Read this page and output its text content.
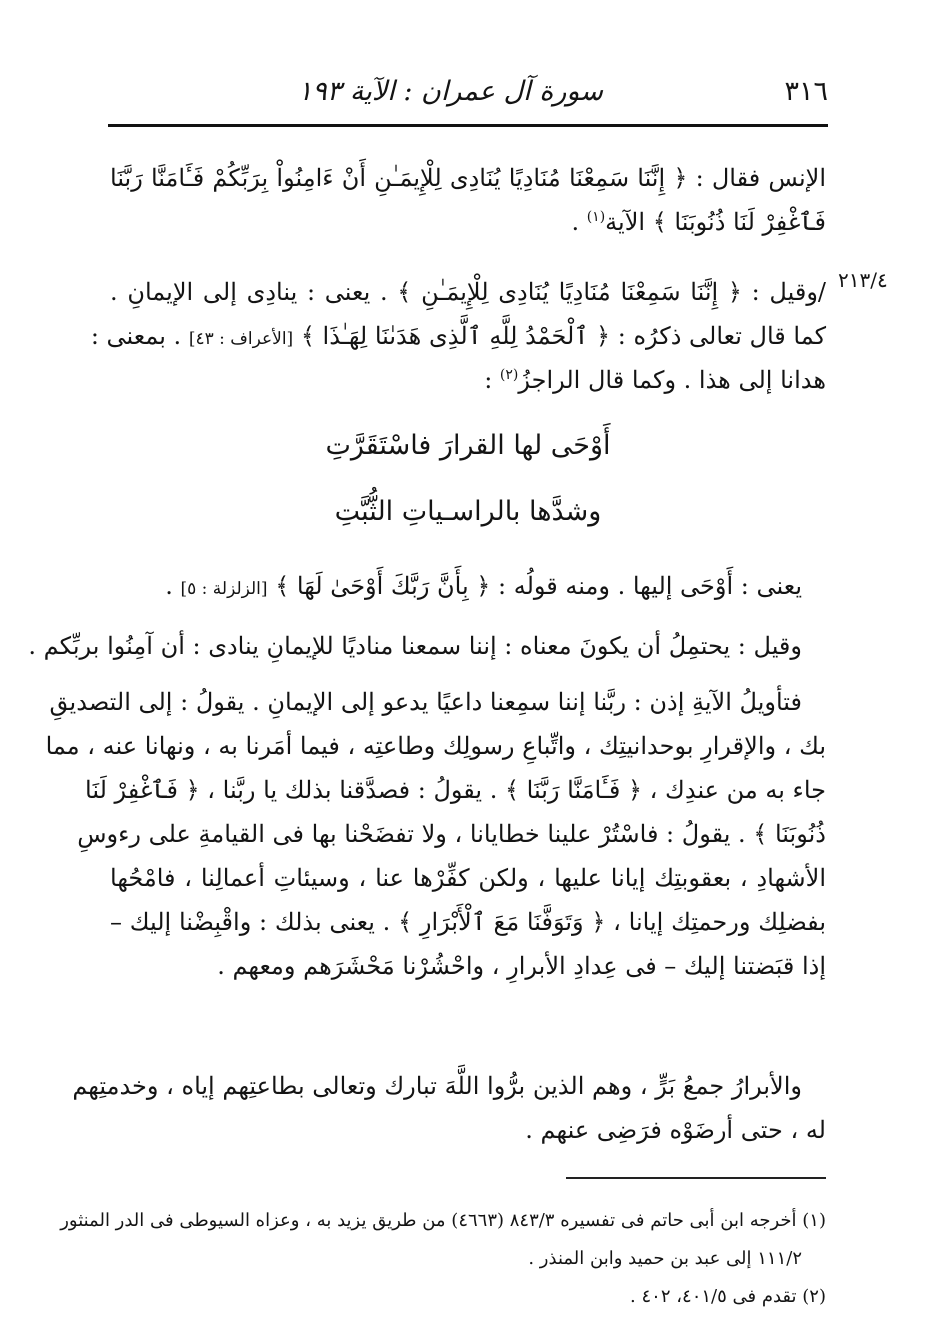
٣١٦
سورة آل عمران : الآية ١٩٣
٢١٣/٤
الإنس فقال : ﴿ إِنَّنَا سَمِعْنَا مُنَادِيًا يُنَادِى لِلْإِيمَـٰنِ أَنْ ءَامِنُواْ بِرَبِّكُمْ فَـَٔامَنَّا رَبَّنَا
فَٱغْفِرْ لَنَا ذُنُوبَنَا ﴾ الآية$^{(١)}$ .
/وقيل : ﴿ إِنَّنَا سَمِعْنَا مُنَادِيًا يُنَادِى لِلْإِيمَـٰنِ ﴾ . يعنى : ينادِى إلى الإيمانِ .
كما قال تعالى ذكرُه : ﴿ ٱلْحَمْدُ لِلَّهِ ٱلَّذِى هَدَىٰنَا لِهَـٰذَا ﴾ [الأعراف : ٤٣] . بمعنى :
هدانا إلى هذا . وكما قال الراجزُ$^{(٢)}$ :
أَوْحَى لها القرارَ فاسْتَقَرَّتِ
وشدَّها بالراسـياتِ الثُّبَّتِ
يعنى : أَوْحَى إليها . ومنه قولُه : ﴿ بِأَنَّ رَبَّكَ أَوْحَىٰ لَهَا ﴾ [الزلزلة : ٥] .
وقيل : يحتمِلُ أن يكونَ معناه : إننا سمعنا مناديًا للإيمانِ ينادى : أن آمِنُوا بربِّكم .
فتأويلُ الآيةِ إذن : ربَّنا إننا سمِعنا داعيًا يدعو إلى الإيمانِ . يقولُ : إلى التصديقِ
بك ، والإقرارِ بوحدانيتِك ، واتِّباعِ رسولِك وطاعتِه ، فيما أمَرنا به ، ونهانا عنه ، مما
جاء به من عندِك ، ﴿ فَـَٔامَنَّا رَبَّنَا ﴾ . يقولُ : فصدَّقنا بذلك يا ربَّنا ، ﴿ فَٱغْفِرْ لَنَا
ذُنُوبَنَا ﴾ . يقولُ : فاسْتُرْ علينا خطايانا ، ولا تفضَحْنا بها فى القيامةِ على رءوسِ
الأشهادِ ، بعقوبتِك إيانا عليها ، ولكن كفِّرْها عنا ، وسيئاتِ أعمالِنا ، فامْحُها
بفضلِك ورحمتِك إيانا ، ﴿ وَتَوَفَّنَا مَعَ ٱلْأَبْرَارِ ﴾ . يعنى بذلك : واقْبِضْنا إليك –
إذا قبَضتنا إليك – فى عِدادِ الأبرارِ ، واحْشُرْنا مَحْشَرَهم ومعهم .
والأبرارُ جمعُ بَرٍّ ، وهم الذين برُّوا اللَّهَ تبارك وتعالى بطاعتِهم إياه ، وخدمتِهم
له ، حتى أرضَوْه فرَضِى عنهم .
(١) أخرجه ابن أبى حاتم فى تفسيره ٨٤٣/٣ (٤٦٦٣) من طريق يزيد به ، وعزاه السيوطى فى الدر المنثور
١١١/٢ إلى عبد بن حميد وابن المنذر .
(٢) تقدم فى ٤٠١/٥، ٤٠٢ .
